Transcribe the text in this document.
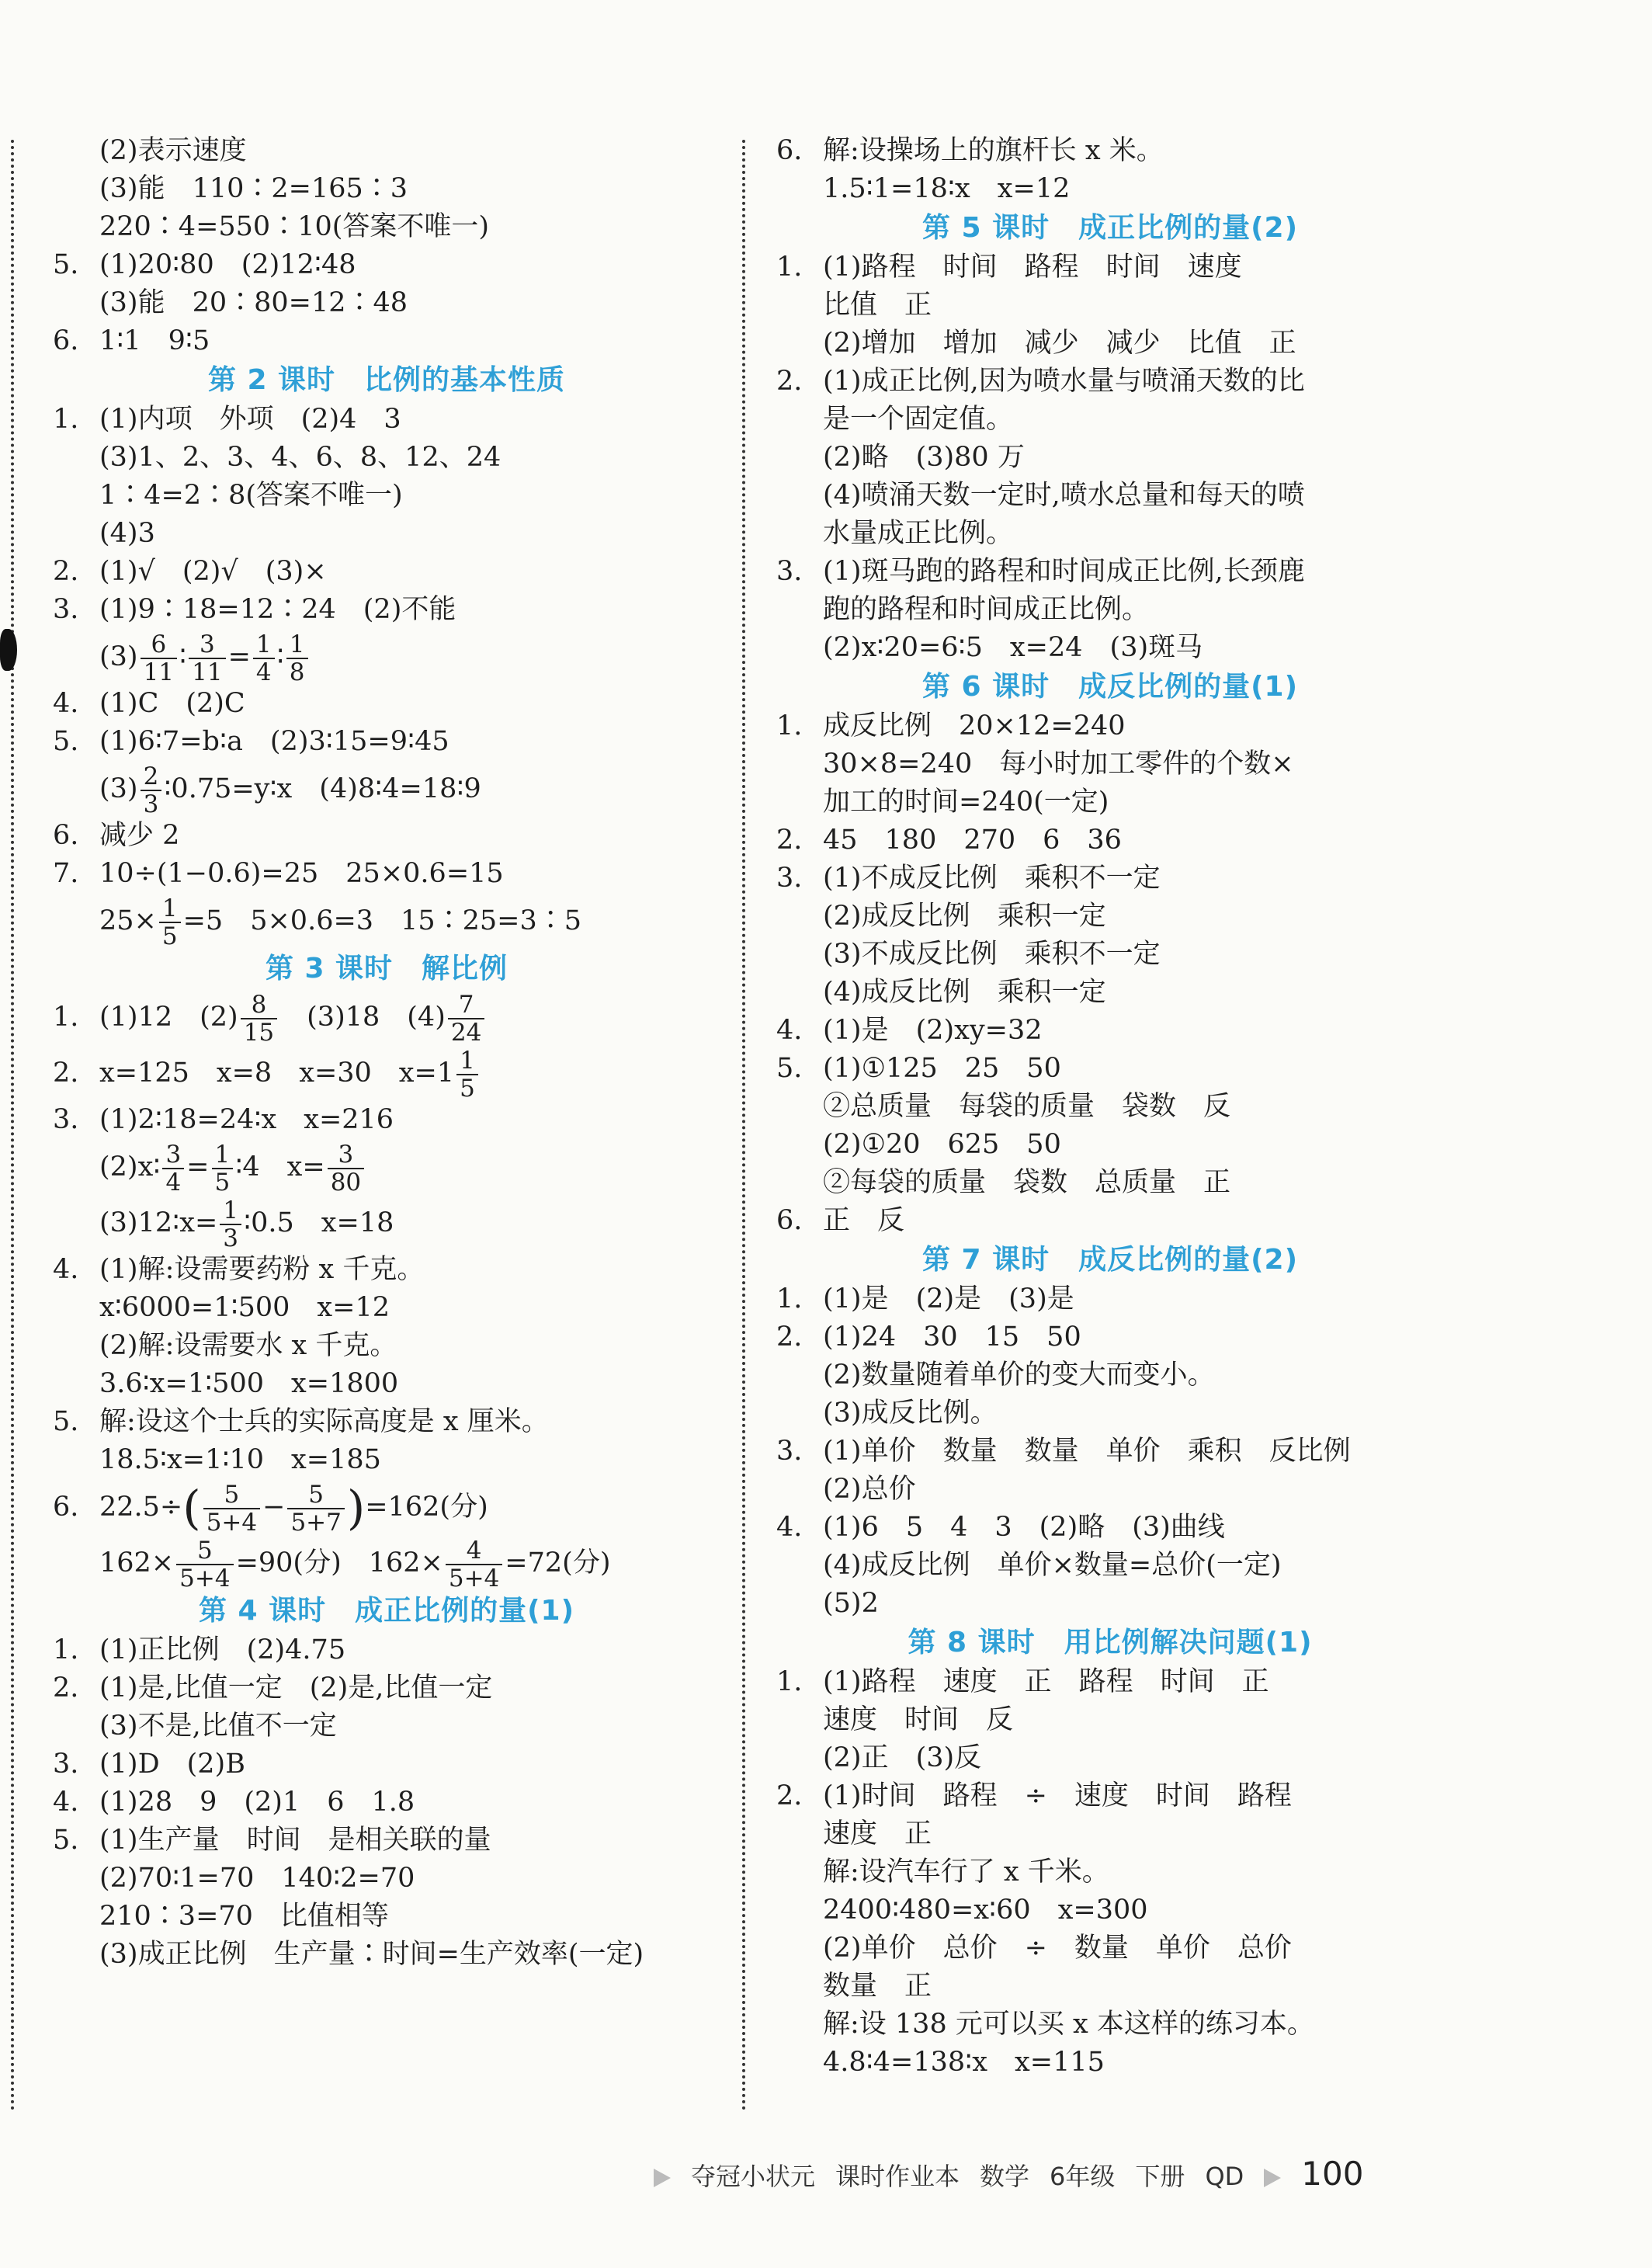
(2)表示速度
(3)能　110∶2=165∶3
220∶4=550∶10(答案不唯一)
5. (1)20∶80　(2)12∶48
(3)能　20∶80=12∶48
6. 1∶1　9∶5
第 2 课时　比例的基本性质
1. (1)内项　外项　(2)4　3
(3)1、2、3、4、6、8、12、24
1∶4=2∶8(答案不唯一)
(4)3
2. (1)√　(2)√　(3)×
3. (1)9∶18=12∶24　(2)不能
$(3) \frac{6}{11}$ ∶ $\frac{3}{11} = \frac{1}{4}$ ∶ $\frac{1}{8}$
4. (1)C　(2)C
5. (1)6∶7=b∶a　(2)3∶15=9∶45
$(3) \frac{2}{3}$ ∶0.75=y∶x　(4)8∶4=18∶9
6. 减少 2
7. 10÷(1−0.6)=25　25×0.6=15
$25\times \frac{1}{5} =5$　5×0.6=3　15∶25=3∶5
第 3 课时　解比例
1. (1)12　$(2) \frac{8}{15}$ 　(3)18　$(4) \frac{7}{24}$
2. x=125　x=8　x=30　$x=1 \frac{1}{5}$
3. (1)2∶18=24∶x　x=216
(2)x∶ $\frac{3}{4} = \frac{1}{5}$ ∶4　$x= \frac{3}{80}$
(3)12∶x= $\frac{1}{3}$ ∶0.5　x=18
4. (1)解:设需要药粉 x 千克。
x∶6000=1∶500　x=12
(2)解:设需要水 x 千克。
3.6∶x=1∶500　x=1800
5. 解:设这个士兵的实际高度是 x 厘米。
18.5∶x=1∶10　x=185
6. $22.5\div( \frac{5}{5+4} - \frac{5}{5+7} )=162$(分)
$162\times \frac{5}{5+4} =90$(分)　$162\times \frac{4}{5+4} =72$(分)
第 4 课时　成正比例的量(1)
1. (1)正比例　(2)4.75
2. (1)是,比值一定　(2)是,比值一定
(3)不是,比值不一定
3. (1)D　(2)B
4. (1)28　9　(2)1　6　1.8
5. (1)生产量　时间　是相关联的量
(2)70∶1=70　140∶2=70
210∶3=70　比值相等
(3)成正比例　生产量∶时间=生产效率(一定)
6. 解:设操场上的旗杆长 x 米。
1.5∶1=18∶x　x=12
第 5 课时　成正比例的量(2)
1. (1)路程　时间　路程　时间　速度
比值　正
(2)增加　增加　减少　减少　比值　正
2. (1)成正比例,因为喷水量与喷涌天数的比
是一个固定值。
(2)略　(3)80 万
(4)喷涌天数一定时,喷水总量和每天的喷
水量成正比例。
3. (1)斑马跑的路程和时间成正比例,长颈鹿
跑的路程和时间成正比例。
(2)x∶20=6∶5　x=24　(3)斑马
第 6 课时　成反比例的量(1)
1. 成反比例　20×12=240
30×8=240　每小时加工零件的个数×
加工的时间=240(一定)
2. 45　180　270　6　36
3. (1)不成反比例　乘积不一定
(2)成反比例　乘积一定
(3)不成反比例　乘积不一定
(4)成反比例　乘积一定
4. (1)是　(2)xy=32
5. (1)①125　25　50
②总质量　每袋的质量　袋数　反
(2)①20　625　50
②每袋的质量　袋数　总质量　正
6. 正　反
第 7 课时　成反比例的量(2)
1. (1)是　(2)是　(3)是
2. (1)24　30　15　50
(2)数量随着单价的变大而变小。
(3)成反比例。
3. (1)单价　数量　数量　单价　乘积　反比例
(2)总价
4. (1)6　5　4　3　(2)略　(3)曲线
(4)成反比例　单价×数量=总价(一定)
(5)2
第 8 课时　用比例解决问题(1)
1. (1)路程　速度　正　路程　时间　正
速度　时间　反
(2)正　(3)反
2. (1)时间　路程　÷　速度　时间　路程
速度　正
解:设汽车行了 x 千米。
2400∶480=x∶60　x=300
(2)单价　总价　÷　数量　单价　总价
数量　正
解:设 138 元可以买 x 本这样的练习本。
4.8∶4=138∶x　x=115
夺冠小状元 课时作业本 数学 6年级 下册 QD 100
